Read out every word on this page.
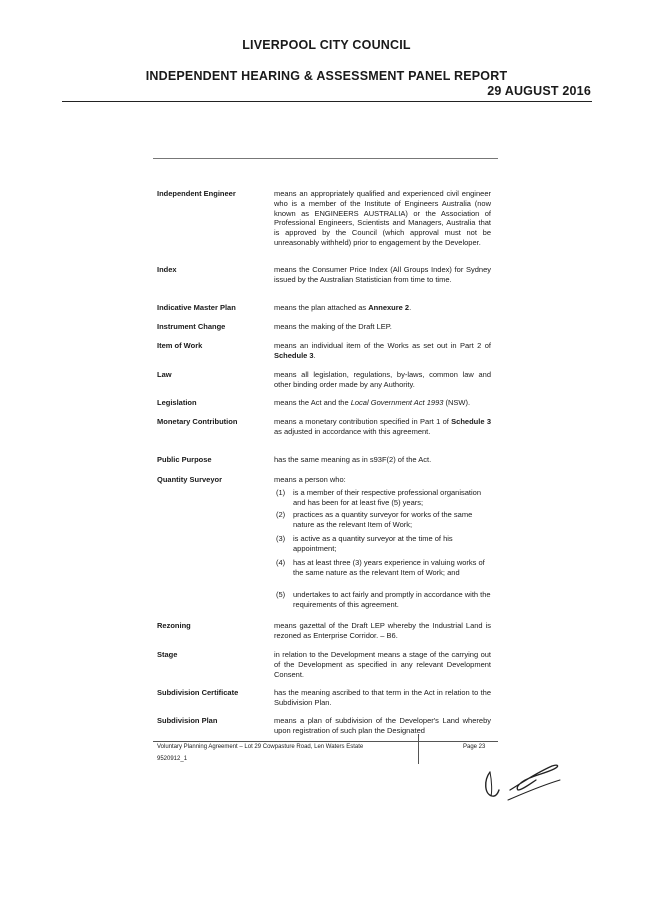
LIVERPOOL CITY COUNCIL
INDEPENDENT HEARING & ASSESSMENT PANEL REPORT
29 AUGUST 2016
Independent Engineer	means an appropriately qualified and experienced civil engineer who is a member of the Institute of Engineers Australia (now known as ENGINEERS AUSTRALIA) or the Association of Professional Engineers, Scientists and Managers, Australia that is approved by the Council (which approval must not be unreasonably withheld) prior to engagement by the Developer.
Index	means the Consumer Price Index (All Groups Index) for Sydney issued by the Australian Statistician from time to time.
Indicative Master Plan	means the plan attached as Annexure 2.
Instrument Change	means the making of the Draft LEP.
Item of Work	means an individual item of the Works as set out in Part 2 of Schedule 3.
Law	means all legislation, regulations, by-laws, common law and other binding order made by any Authority.
Legislation	means the Act and the Local Government Act 1993 (NSW).
Monetary Contribution	means a monetary contribution specified in Part 1 of Schedule 3 as adjusted in accordance with this agreement.
Public Purpose	has the same meaning as in s93F(2) of the Act.
Quantity Surveyor	means a person who:
(1)	is a member of their respective professional organisation and has been for at least five (5) years;
(2)	practices as a quantity surveyor for works of the same nature as the relevant Item of Work;
(3)	is active as a quantity surveyor at the time of his appointment;
(4)	has at least three (3) years experience in valuing works of the same nature as the relevant Item of Work; and
(5)	undertakes to act fairly and promptly in accordance with the requirements of this agreement.
Rezoning	means gazettal of the Draft LEP whereby the Industrial Land is rezoned as Enterprise Corridor. – B6.
Stage	in relation to the Development means a stage of the carrying out of the Development as specified in any relevant Development Consent.
Subdivision Certificate	has the meaning ascribed to that term in the Act in relation to the Subdivision Plan.
Subdivision Plan	means a plan of subdivision of the Developer's Land whereby upon registration of such plan the Designated
Voluntary Planning Agreement – Lot 29 Cowpasture Road, Len Waters Estate	Page 23
9520912_1
